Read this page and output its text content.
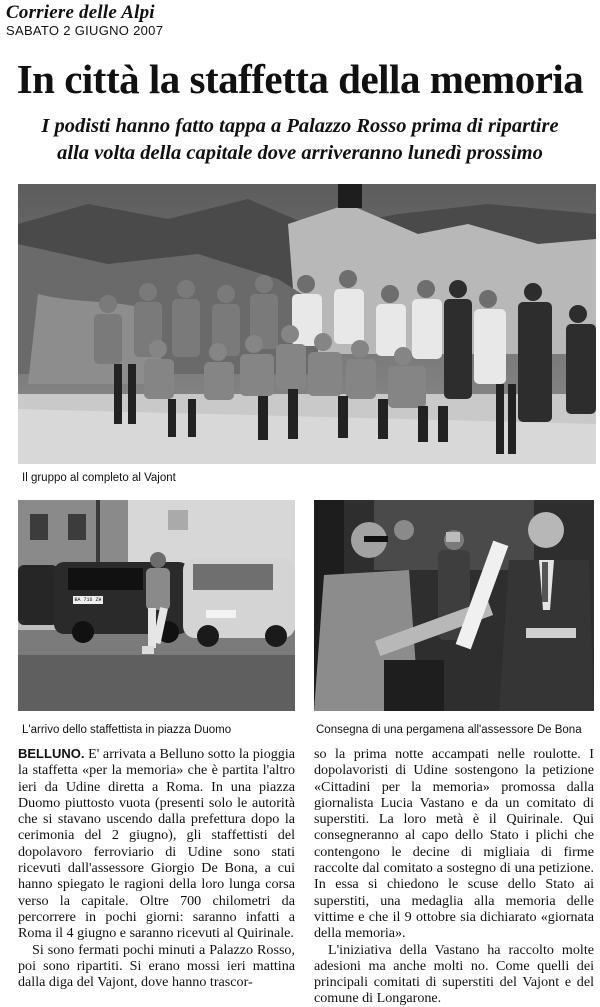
Corriere delle Alpi
SABATO 2 GIUGNO 2007
In città la staffetta della memoria
I podisti hanno fatto tappa a Palazzo Rosso prima di ripartire
alla volta della capitale dove arriveranno lunedì prossimo
Il gruppo al completo al Vajont
BA 716 ZH
L'arrivo dello staffettista in piazza Duomo	Consegna di una pergamena all'assessore De Bona

BELLUNO. E' arrivata a Belluno sotto la pioggia la staffetta «per la memoria» che è partita l'altro ieri da Udine diretta a Roma. In una piazza Duomo piuttosto vuota (presenti solo le autorità che si stavano uscendo dalla prefettura dopo la cerimonia del 2 giugno), gli staffettisti del dopolavoro ferroviario di Udine sono stati ricevuti dall'assessore Giorgio De Bona, a cui hanno spiegato le ragioni della loro lunga corsa verso la capitale. Oltre 700 chilometri da percorrere in pochi giorni: saranno infatti a Roma il 4 giugno e saranno ricevuti al Quirinale.

Si sono fermati pochi minuti a Palazzo Rosso, poi sono ripartiti. Si erano mossi ieri mattina dalla diga del Vajont, dove hanno trascor-

so la prima notte accampati nelle roulotte. I dopolavoristi di Udine sostengono la petizione «Cittadini per la memoria» promossa dalla giornalista Lucia Vastano e da un comitato di superstiti. La loro metà è il Quirinale. Qui consegneranno al capo dello Stato i plichi che contengono le decine di migliaia di firme raccolte dal comitato a sostegno di una petizione. In essa si chiedono le scuse dello Stato ai superstiti, una medaglia alla memoria delle vittime e che il 9 ottobre sia dichiarato «giornata della memoria».

L'iniziativa della Vastano ha raccolto molte adesioni ma anche molti no. Come quelli dei principali comitati di superstiti del Vajont e del comune di Longarone.
